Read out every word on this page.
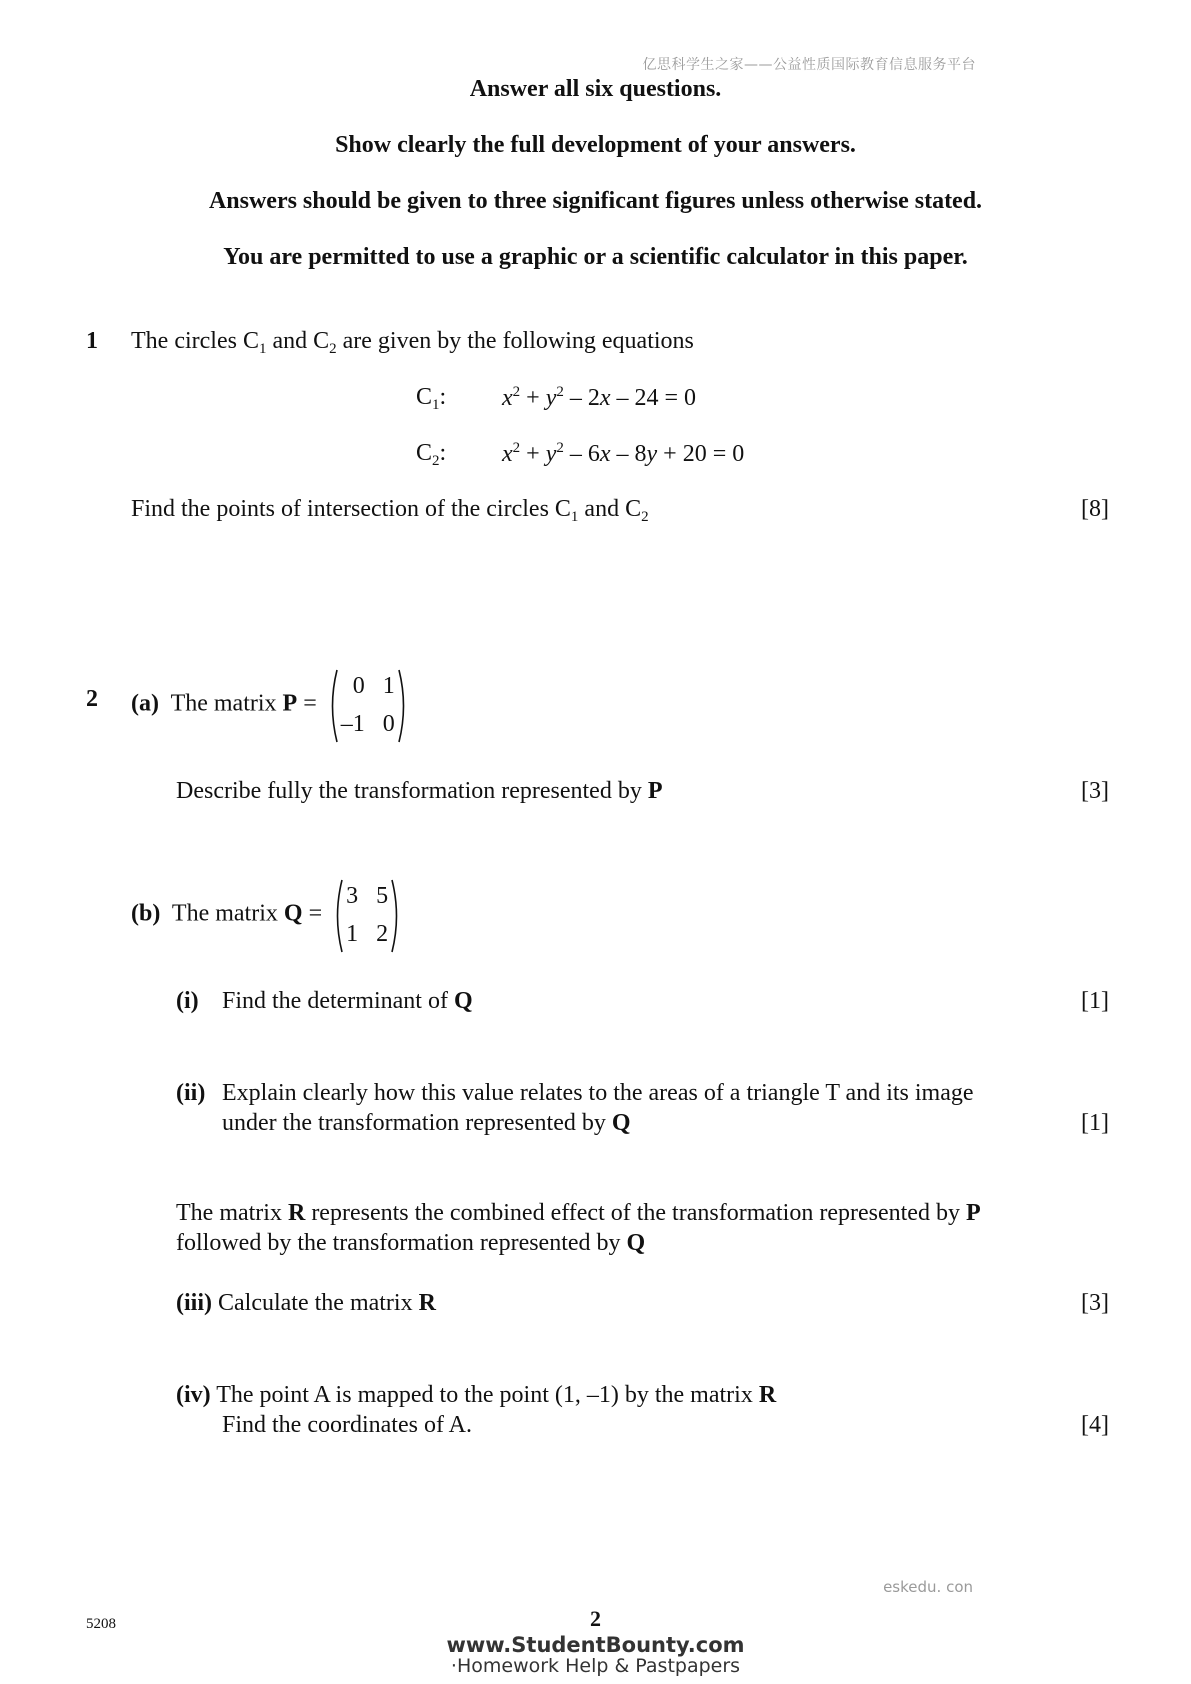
亿思科学生之家——公益性质国际教育信息服务平台
Answer all six questions.
Show clearly the full development of your answers.
Answers should be given to three significant figures unless otherwise stated.
You are permitted to use a graphic or a scientific calculator in this paper.
1 The circles $C_1$ and $C_2$ are given by the following equations
$C_1$: $x^2 + y^2 - 2x - 24 = 0$
$C_2$: $x^2 + y^2 - 6x - 8y + 20 = 0$
Find the points of intersection of the circles $C_1$ and $C_2$	[8]
2 (a) The matrix P =
0 1
–1 0
Describe fully the transformation represented by P	[3]
(b) The matrix Q =
3 5
1 2
(i) Find the determinant of Q	[1]
(ii) Explain clearly how this value relates to the areas of a triangle T and its image
under the transformation represented by Q	[1]
The matrix R represents the combined effect of the transformation represented by P
followed by the transformation represented by Q
(iii) Calculate the matrix R	[3]
(iv) The point A is mapped to the point (1, –1) by the matrix R
Find the coordinates of A.	[4]
eskedu. con
5208	2
www.StudentBounty.com
·Homework Help & Pastpapers
